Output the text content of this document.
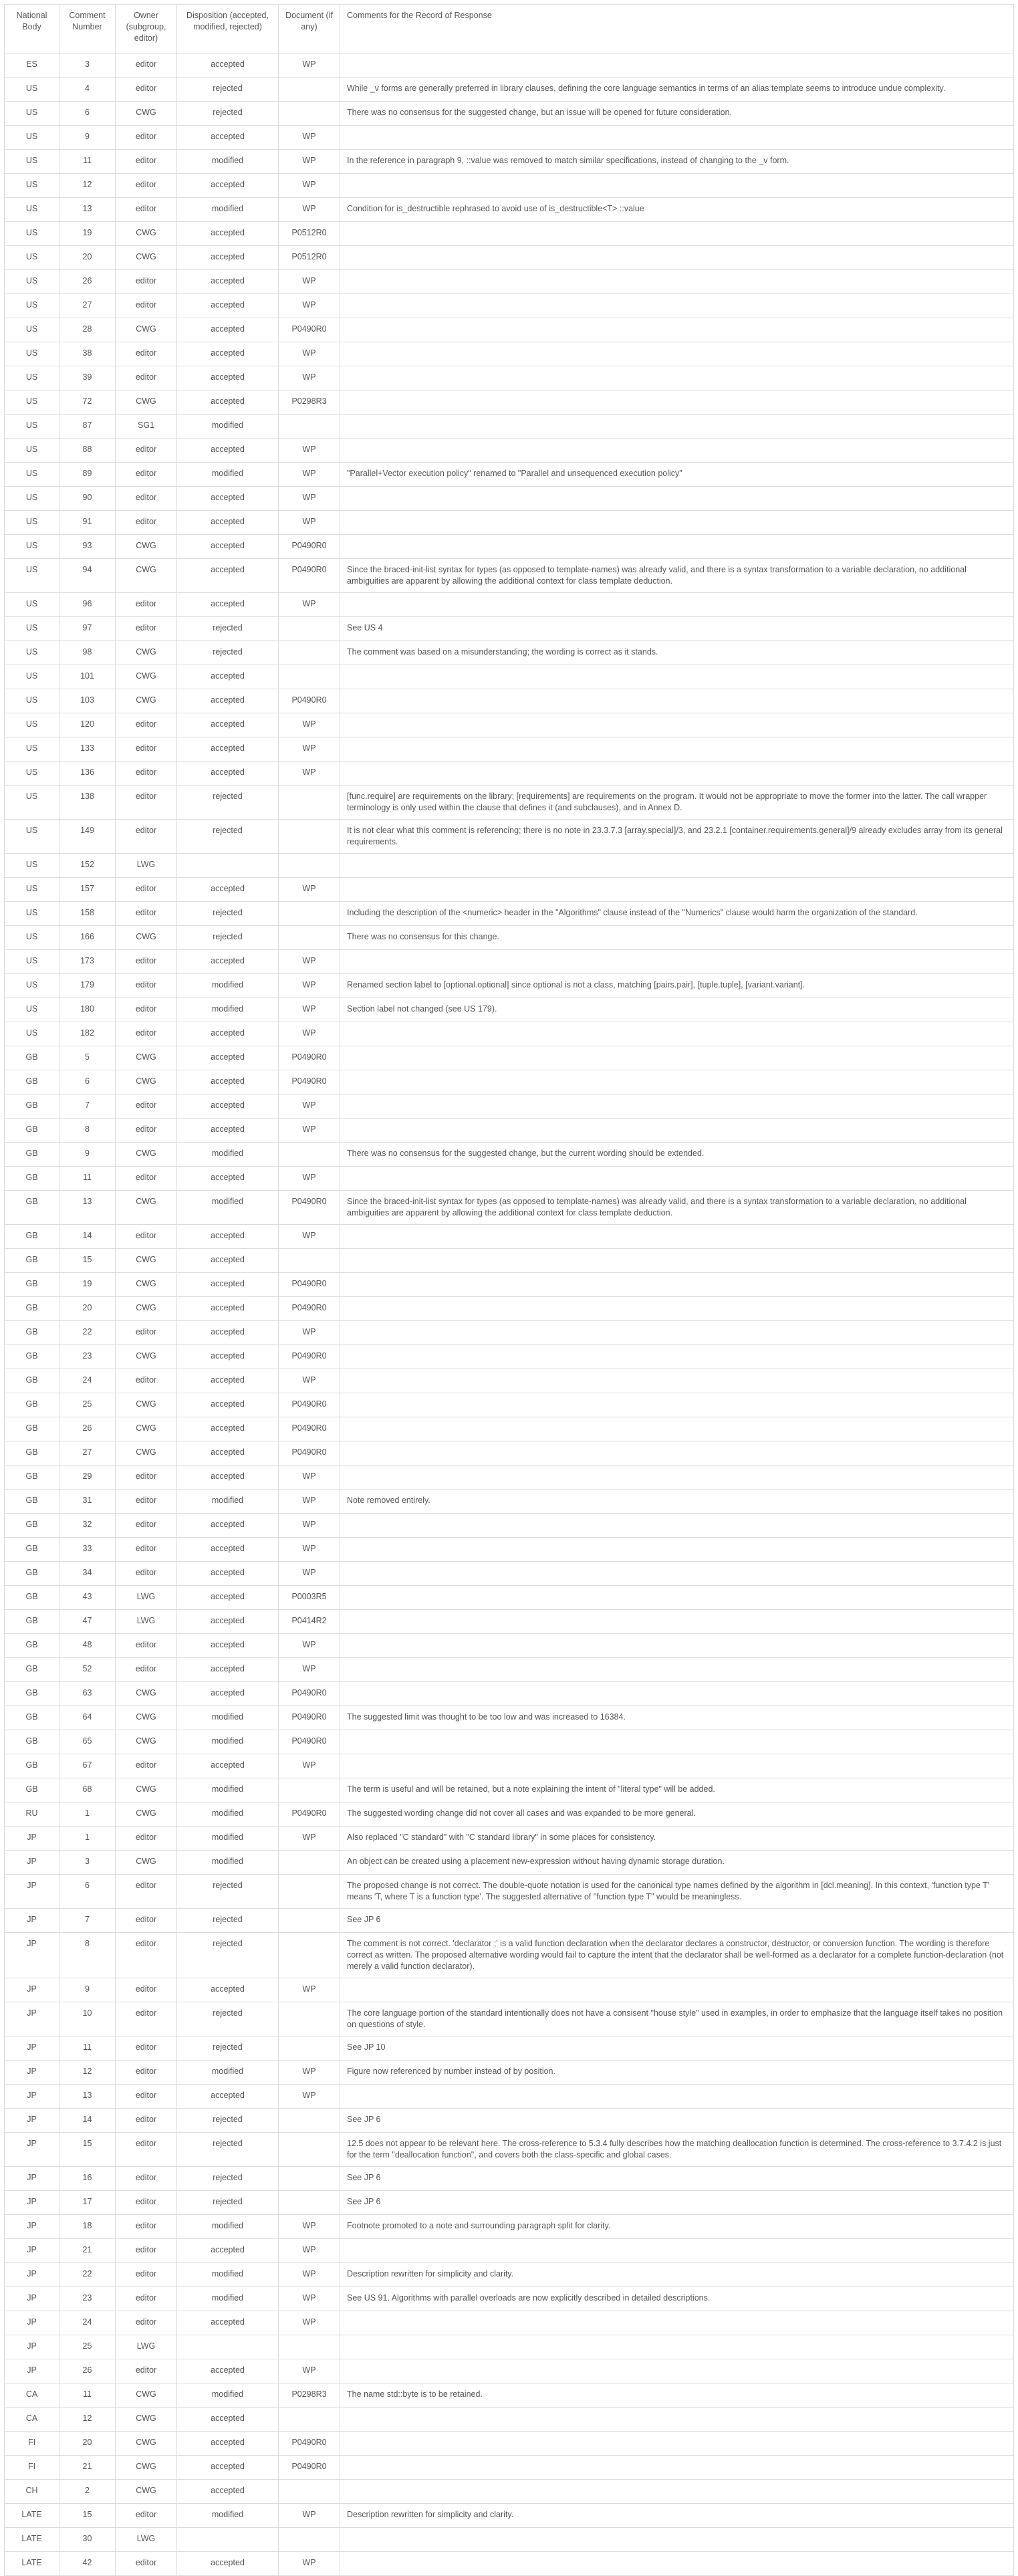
National Body	Comment Number	Owner (subgroup, editor)	Disposition (accepted, modified, rejected)	Document (if any)	Comments for the Record of Response
ES	3	editor	accepted	WP	
US	4	editor	rejected		While _v forms are generally preferred in library clauses, defining the core language semantics in terms of an alias template seems to introduce undue complexity.
US	6	CWG	rejected		There was no consensus for the suggested change, but an issue will be opened for future consideration.
US	9	editor	accepted	WP	
US	11	editor	modified	WP	In the reference in paragraph 9, ::value was removed to match similar specifications, instead of changing to the _v form.
US	12	editor	accepted	WP	
US	13	editor	modified	WP	Condition for is_destructible rephrased to avoid use of is_destructible<T> ::value
US	19	CWG	accepted	P0512R0	
US	20	CWG	accepted	P0512R0	
US	26	editor	accepted	WP	
US	27	editor	accepted	WP	
US	28	CWG	accepted	P0490R0	
US	38	editor	accepted	WP	
US	39	editor	accepted	WP	
US	72	CWG	accepted	P0298R3	
US	87	SG1	modified		
US	88	editor	accepted	WP	
US	89	editor	modified	WP	"Parallel+Vector execution policy" renamed to "Parallel and unsequenced execution policy"
US	90	editor	accepted	WP	
US	91	editor	accepted	WP	
US	93	CWG	accepted	P0490R0	
US	94	CWG	accepted	P0490R0	Since the braced-init-list syntax for types (as opposed to template-names) was already valid, and there is a syntax transformation to a variable declaration, no additional ambiguities are apparent by allowing the additional context for class template deduction.
US	96	editor	accepted	WP	
US	97	editor	rejected		See US 4
US	98	CWG	rejected		The comment was based on a misunderstanding; the wording is correct as it stands.
US	101	CWG	accepted		
US	103	CWG	accepted	P0490R0	
US	120	editor	accepted	WP	
US	133	editor	accepted	WP	
US	136	editor	accepted	WP	
US	138	editor	rejected		[func.require] are requirements on the library; [requirements] are requirements on the program. It would not be appropriate to move the former into the latter. The call wrapper terminology is only used within the clause that defines it (and subclauses), and in Annex D.
US	149	editor	rejected		It is not clear what this comment is referencing; there is no note in 23.3.7.3 [array.special]/3, and 23.2.1 [container.requirements.general]/9 already excludes array from its general requirements.
US	152	LWG			
US	157	editor	accepted	WP	
US	158	editor	rejected		Including the description of the <numeric> header in the "Algorithms" clause instead of the "Numerics" clause would harm the organization of the standard.
US	166	CWG	rejected		There was no consensus for this change.
US	173	editor	accepted	WP	
US	179	editor	modified	WP	Renamed section label to [optional.optional] since optional is not a class, matching [pairs.pair], [tuple.tuple], [variant.variant].
US	180	editor	modified	WP	Section label not changed (see US 179).
US	182	editor	accepted	WP	
GB	5	CWG	accepted	P0490R0	
GB	6	CWG	accepted	P0490R0	
GB	7	editor	accepted	WP	
GB	8	editor	accepted	WP	
GB	9	CWG	modified		There was no consensus for the suggested change, but the current wording should be extended.
GB	11	editor	accepted	WP	
GB	13	CWG	modified	P0490R0	Since the braced-init-list syntax for types (as opposed to template-names) was already valid, and there is a syntax transformation to a variable declaration, no additional ambiguities are apparent by allowing the additional context for class template deduction.
GB	14	editor	accepted	WP	
GB	15	CWG	accepted		
GB	19	CWG	accepted	P0490R0	
GB	20	CWG	accepted	P0490R0	
GB	22	editor	accepted	WP	
GB	23	CWG	accepted	P0490R0	
GB	24	editor	accepted	WP	
GB	25	CWG	accepted	P0490R0	
GB	26	CWG	accepted	P0490R0	
GB	27	CWG	accepted	P0490R0	
GB	29	editor	accepted	WP	
GB	31	editor	modified	WP	Note removed entirely.
GB	32	editor	accepted	WP	
GB	33	editor	accepted	WP	
GB	34	editor	accepted	WP	
GB	43	LWG	accepted	P0003R5	
GB	47	LWG	accepted	P0414R2	
GB	48	editor	accepted	WP	
GB	52	editor	accepted	WP	
GB	63	CWG	accepted	P0490R0	
GB	64	CWG	modified	P0490R0	The suggested limit was thought to be too low and was increased to 16384.
GB	65	CWG	modified	P0490R0	
GB	67	editor	accepted	WP	
GB	68	CWG	modified		The term is useful and will be retained, but a note explaining the intent of "literal type" will be added.
RU	1	CWG	modified	P0490R0	The suggested wording change did not cover all cases and was expanded to be more general.
JP	1	editor	modified	WP	Also replaced "C standard" with "C standard library" in some places for consistency.
JP	3	CWG	modified		An object can be created using a placement new-expression without having dynamic storage duration.
JP	6	editor	rejected		The proposed change is not correct. The double-quote notation is used for the canonical type names defined by the algorithm in [dcl.meaning]. In this context, 'function type T' means 'T, where T is a function type'. The suggested alternative of "function type T" would be meaningless.
JP	7	editor	rejected		See JP 6
JP	8	editor	rejected		The comment is not correct. 'declarator ;' is a valid function declaration when the declarator declares a constructor, destructor, or conversion function. The wording is therefore correct as written. The proposed alternative wording would fail to capture the intent that the declarator shall be well-formed as a declarator for a complete function-declaration (not merely a valid function declarator).
JP	9	editor	accepted	WP	
JP	10	editor	rejected		The core language portion of the standard intentionally does not have a consisent "house style" used in examples, in order to emphasize that the language itself takes no position on questions of style.
JP	11	editor	rejected		See JP 10
JP	12	editor	modified	WP	Figure now referenced by number instead of by position.
JP	13	editor	accepted	WP	
JP	14	editor	rejected		See JP 6
JP	15	editor	rejected		12.5 does not appear to be relevant here. The cross-reference to 5.3.4 fully describes how the matching deallocation function is determined. The cross-reference to 3.7.4.2 is just for the term "deallocation function", and covers both the class-specific and global cases.
JP	16	editor	rejected		See JP 6
JP	17	editor	rejected		See JP 6
JP	18	editor	modified	WP	Footnote promoted to a note and surrounding paragraph split for clarity.
JP	21	editor	accepted	WP	
JP	22	editor	modified	WP	Description rewritten for simplicity and clarity.
JP	23	editor	modified	WP	See US 91. Algorithms with parallel overloads are now explicitly described in detailed descriptions.
JP	24	editor	accepted	WP	
JP	25	LWG			
JP	26	editor	accepted	WP	
CA	11	CWG	modified	P0298R3	The name std::byte is to be retained.
CA	12	CWG	accepted		
FI	20	CWG	accepted	P0490R0	
FI	21	CWG	accepted	P0490R0	
CH	2	CWG	accepted		
LATE	15	editor	modified	WP	Description rewritten for simplicity and clarity.
LATE	30	LWG			
LATE	42	editor	accepted	WP	
